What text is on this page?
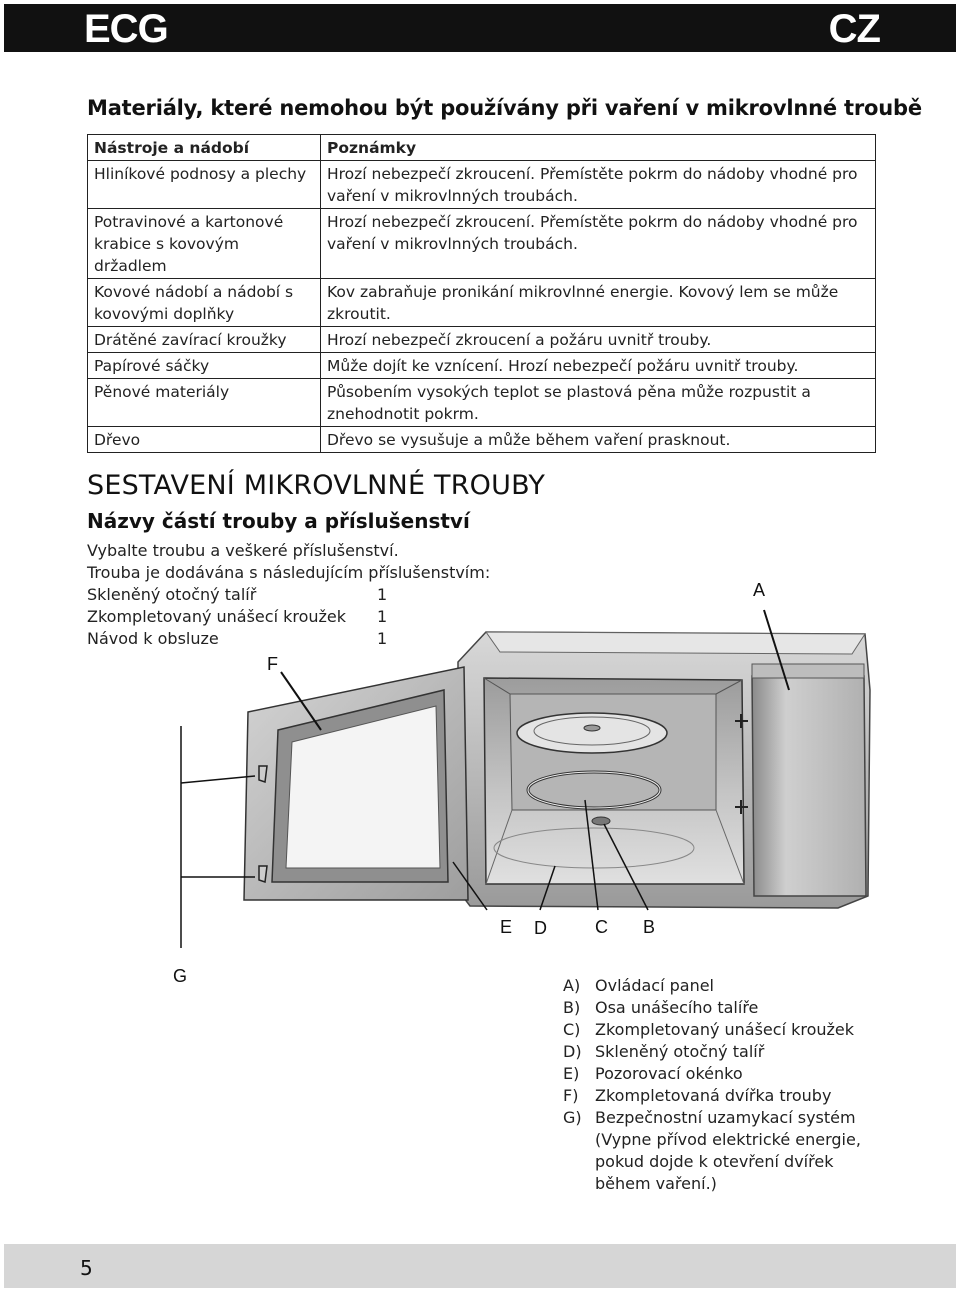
ECG	CZ
Materiály, které nemohou být používány při vaření v mikrovlnné troubě
Nástroje a nádobí	Poznámky
Hliníkové podnosy a plechy	Hrozí nebezpečí zkroucení. Přemístěte pokrm do nádoby vhodné pro vaření v mikrovlnných troubách.
Potravinové a kartonové krabice s kovovým držadlem	Hrozí nebezpečí zkroucení. Přemístěte pokrm do nádoby vhodné pro vaření v mikrovlnných troubách.
Kovové nádobí a nádobí s kovovými doplňky	Kov zabraňuje pronikání mikrovlnné energie. Kovový lem se může zkroutit.
Drátěné zavírací kroužky	Hrozí nebezpečí zkroucení a požáru uvnitř trouby.
Papírové sáčky	Může dojít ke vznícení. Hrozí nebezpečí požáru uvnitř trouby.
Pěnové materiály	Působením vysokých teplot se plastová pěna může rozpustit a znehodnotit pokrm.
Dřevo	Dřevo se vysušuje a může během vaření prasknout.
SESTAVENÍ MIKROVLNNÉ TROUBY
Názvy částí trouby a příslušenství
Vybalte troubu a veškeré příslušenství.
Trouba je dodávána s následujícím příslušenstvím:
Skleněný otočný talíř	1
Zkompletovaný unášecí kroužek 1
Návod k obsluze	1
A
F
E D	C B
G	A) Ovládací panel
B) Osa unášecího talíře
C) Zkompletovaný unášecí kroužek
D) Skleněný otočný talíř
E) Pozorovací okénko
F) Zkompletovaná dvířka trouby
G) Bezpečnostní uzamykací systém
(Vypne přívod elektrické energie,
pokud dojde k otevření dvířek
během vaření.)
5
